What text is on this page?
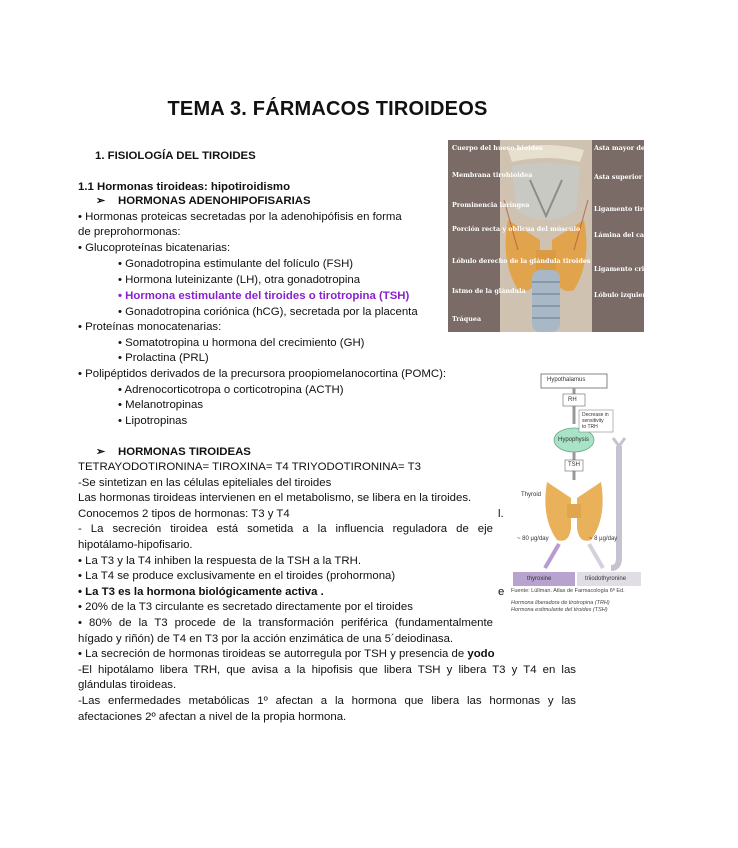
TEMA 3. FÁRMACOS TIROIDEOS
1. FISIOLOGÍA DEL TIROIDES
1.1 Hormonas tiroideas: hipotiroidismo
➢ HORMONAS ADENOHIPOFISARIAS
• Hormonas proteicas secretadas por la adenohipófisis en forma
de preprohormonas:
• Glucoproteínas bicatenarias:
• Gonadotropina estimulante del folículo (FSH)
• Hormona luteinizante (LH), otra gonadotropina
• Hormona estimulante del tiroides o tirotropina (TSH)
• Gonadotropina coriónica (hCG), secretada por la placenta
• Proteínas monocatenarias:
• Somatotropina u hormona del crecimiento (GH)
• Prolactina (PRL)
• Polipéptidos derivados de la precursora proopiomelanocortina (POMC):
• Adrenocorticotropa o corticotropina (ACTH)
• Melanotropinas
• Lipotropinas
➢ HORMONAS TIROIDEAS
TETRAYODOTIRONINA= TIROXINA= T4 TRIYODOTIRONINA= T3
-Se sintetizan en las células epiteliales del tiroides
Las hormonas tiroideas intervienen en el metabolismo, se libera en la tiroides.
Conocemos 2 tipos de hormonas: T3 y T4
- La secreción tiroidea está sometida a la influencia reguladora de eje
hipotálamo-hipofisario.
• La T3 y la T4 inhiben la respuesta de la TSH a la TRH.
• La T4 se produce exclusivamente en el tiroides (prohormona)
• La T3 es la hormona biológicamente activa .
• 20% de la T3 circulante es secretado directamente por el tiroides
• 80% de la T3 procede de la transformación periférica (fundamentalmente
hígado y riñón) de T4 en T3 por la acción enzimática de una 5´deiodinasa.
• La secreción de hormonas tiroideas se autorregula por TSH y presencia de yodo
-El hipotálamo libera TRH, que avisa a la hipofisis que libera TSH y libera T3 y T4 en las
glándulas tiroideas.
-Las enfermedades metabólicas 1º afectan a la hormona que libera las hormonas y las
afectaciones 2º afectan a nivel de la propia hormona.
l.
e
Cuerpo del hueso hioides
Membrana tirohioidea
Prominencia laríngea
Porción recta y oblicua del músculo
Lóbulo derecho de la glándula tiroides
Istmo de la glándula
Tráquea
Asta mayor del hueso hioides
Asta superior del cartílago tiroides
Ligamento tirohioideo
Lámina del cartílago tiroides
Ligamento cricotiroideo
Lóbulo izquierdo de la glándula tiroides
Hypothalamus
RH
Decrease in
sensitivity
to TRH
Hypophysis
TSH
Thyroid
~ 80 µg/day	~ 8 µg/day
thyroxine	triiodothyronine
Fuente: Lüllman. Atlas de Farmacología 6ª Ed.
Hormona liberadora de tirotropina (TRH)
Hormona estimulante del tiroides (TSH)
